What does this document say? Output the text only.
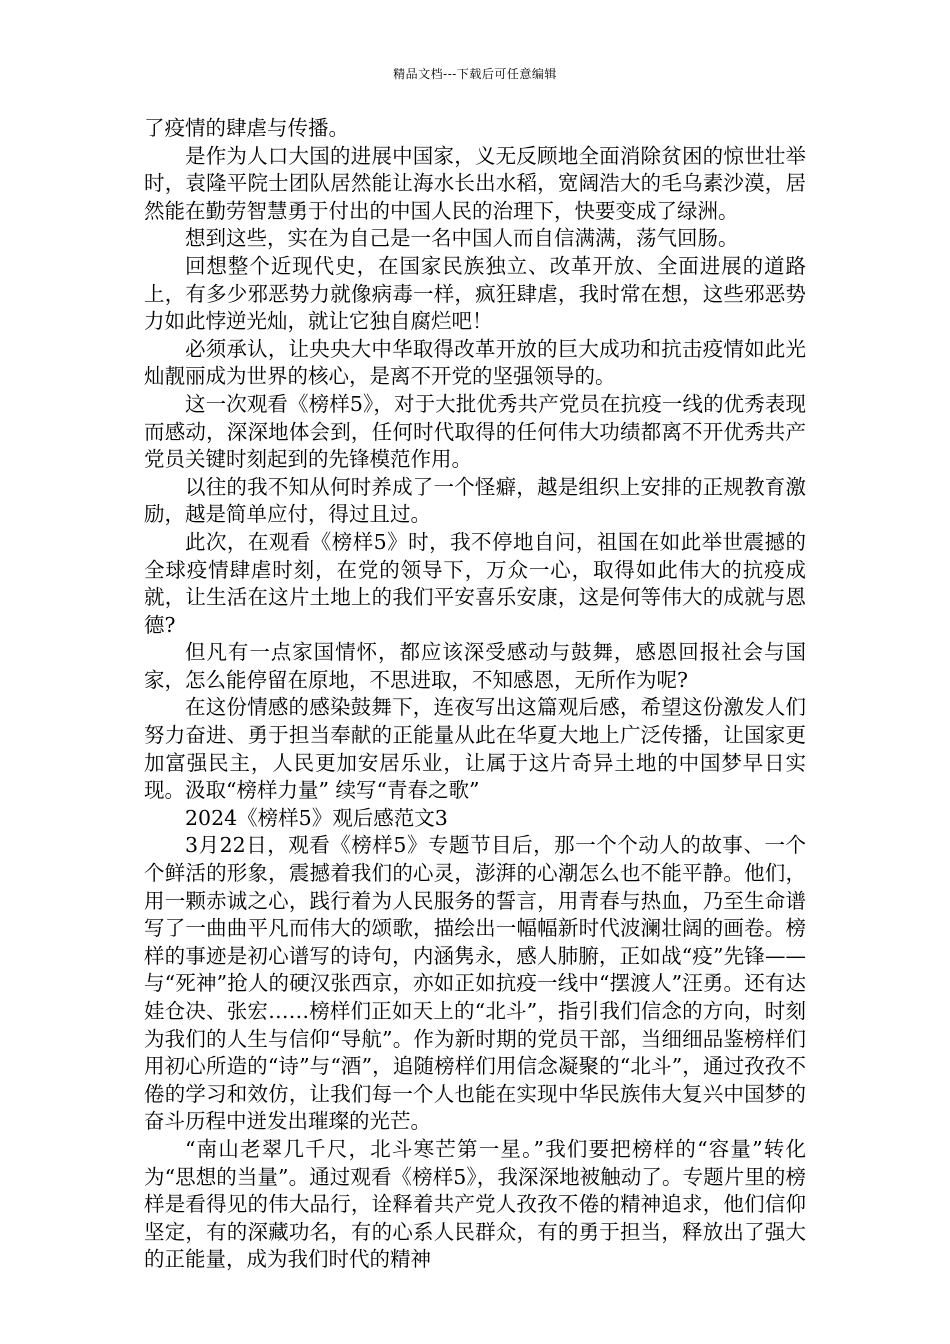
精品文档---下载后可任意编辑

了疫情的肆虐与传播。

是作为人口大国的进展中国家，义无反顾地全面消除贫困的惊世壮举时，袁隆平院士团队居然能让海水长出水稻，宽阔浩大的毛乌素沙漠，居然能在勤劳智慧勇于付出的中国人民的治理下，快要变成了绿洲。

想到这些，实在为自己是一名中国人而自信满满，荡气回肠。

回想整个近现代史，在国家民族独立、改革开放、全面进展的道路上，有多少邪恶势力就像病毒一样，疯狂肆虐，我时常在想，这些邪恶势力如此悖逆光灿，就让它独自腐烂吧！

必须承认，让央央大中华取得改革开放的巨大成功和抗击疫情如此光灿靓丽成为世界的核心，是离不开党的坚强领导的。

这一次观看《榜样5》，对于大批优秀共产党员在抗疫一线的优秀表现而感动，深深地体会到，任何时代取得的任何伟大功绩都离不开优秀共产党员关键时刻起到的先锋模范作用。

以往的我不知从何时养成了一个怪癖，越是组织上安排的正规教育激励，越是简单应付，得过且过。

此次，在观看《榜样5》时，我不停地自问，祖国在如此举世震撼的全球疫情肆虐时刻，在党的领导下，万众一心，取得如此伟大的抗疫成就，让生活在这片土地上的我们平安喜乐安康，这是何等伟大的成就与恩德?

但凡有一点家国情怀，都应该深受感动与鼓舞，感恩回报社会与国家，怎么能停留在原地，不思进取，不知感恩，无所作为呢?

在这份情感的感染鼓舞下，连夜写出这篇观后感，希望这份激发人们努力奋进、勇于担当奉献的正能量从此在华夏大地上广泛传播，让国家更加富强民主，人民更加安居乐业，让属于这片奇异土地的中国梦早日实现。汲取“榜样力量” 续写“青春之歌”

2024《榜样5》观后感范文3

3月22日，观看《榜样5》专题节目后，那一个个动人的故事、一个个鲜活的形象，震撼着我们的心灵，澎湃的心潮怎么也不能平静。他们，用一颗赤诚之心，践行着为人民服务的誓言，用青春与热血，乃至生命谱写了一曲曲平凡而伟大的颂歌，描绘出一幅幅新时代波澜壮阔的画卷。榜样的事迹是初心谱写的诗句，内涵隽永，感人肺腑，正如战“疫”先锋——与“死神”抢人的硬汉张西京，亦如正如抗疫一线中“摆渡人”汪勇。还有达娃仓决、张宏……榜样们正如天上的“北斗”，指引我们信念的方向，时刻为我们的人生与信仰“导航”。作为新时期的党员干部，当细细品鉴榜样们用初心所造的“诗”与“酒”，追随榜样们用信念凝聚的“北斗”，通过孜孜不倦的学习和效仿，让我们每一个人也能在实现中华民族伟大复兴中国梦的奋斗历程中迸发出璀璨的光芒。

“南山老翠几千尺，北斗寒芒第一星。”我们要把榜样的“容量”转化为“思想的当量”。通过观看《榜样5》，我深深地被触动了。专题片里的榜样是看得见的伟大品行，诠释着共产党人孜孜不倦的精神追求，他们信仰坚定，有的深藏功名，有的心系人民群众，有的勇于担当，释放出了强大的正能量，成为我们时代的精神
